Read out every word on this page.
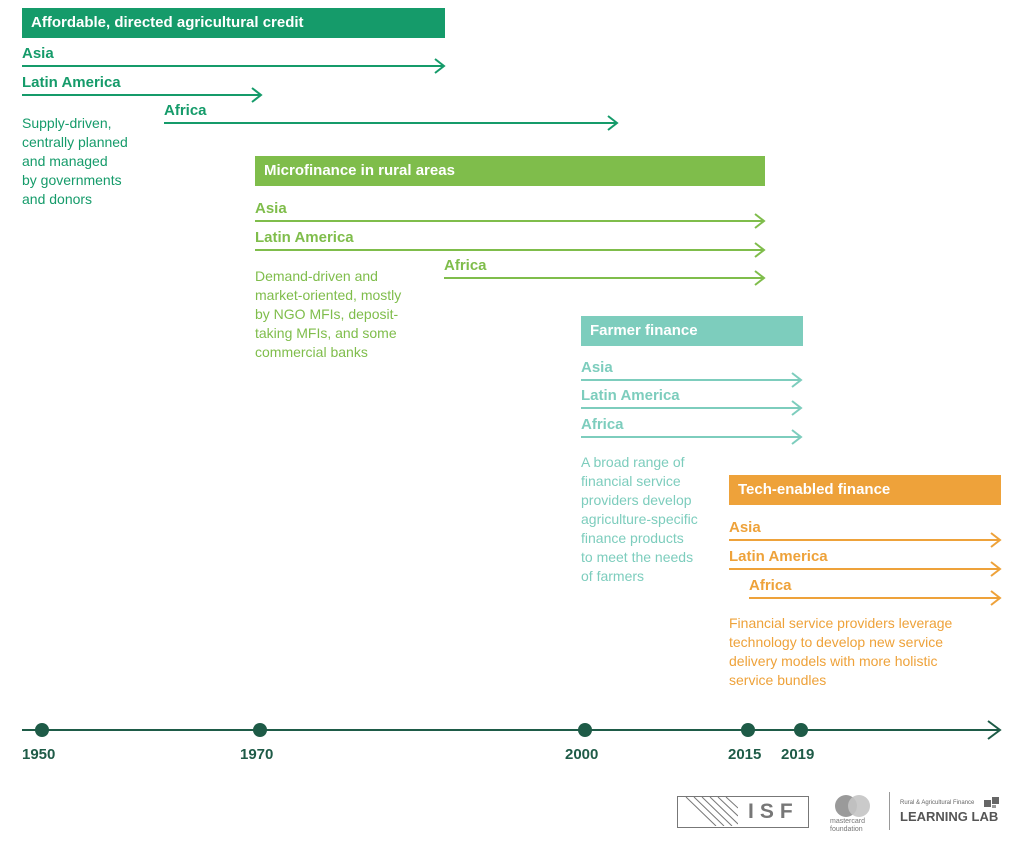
Affordable, directed agricultural credit
Asia
Latin America
Africa
Supply-driven,
centrally planned
and managed
by governments
and donors
Microfinance in rural areas
Asia
Latin America
Africa
Demand-driven and
market-oriented, mostly
by NGO MFIs, deposit-
taking MFIs, and some
commercial banks
Farmer finance
Asia
Latin America
Africa
A broad range of
financial service
providers develop
agriculture-specific
finance products
to meet the needs
of farmers
Tech-enabled finance
Asia
Latin America
Africa
Financial service providers leverage
technology to develop new service
delivery models with more holistic
service bundles
1950	1970	2000	2015 2019
ISF	mastercard
foundation
Rural & Agricultural Finance
LEARNING LAB
